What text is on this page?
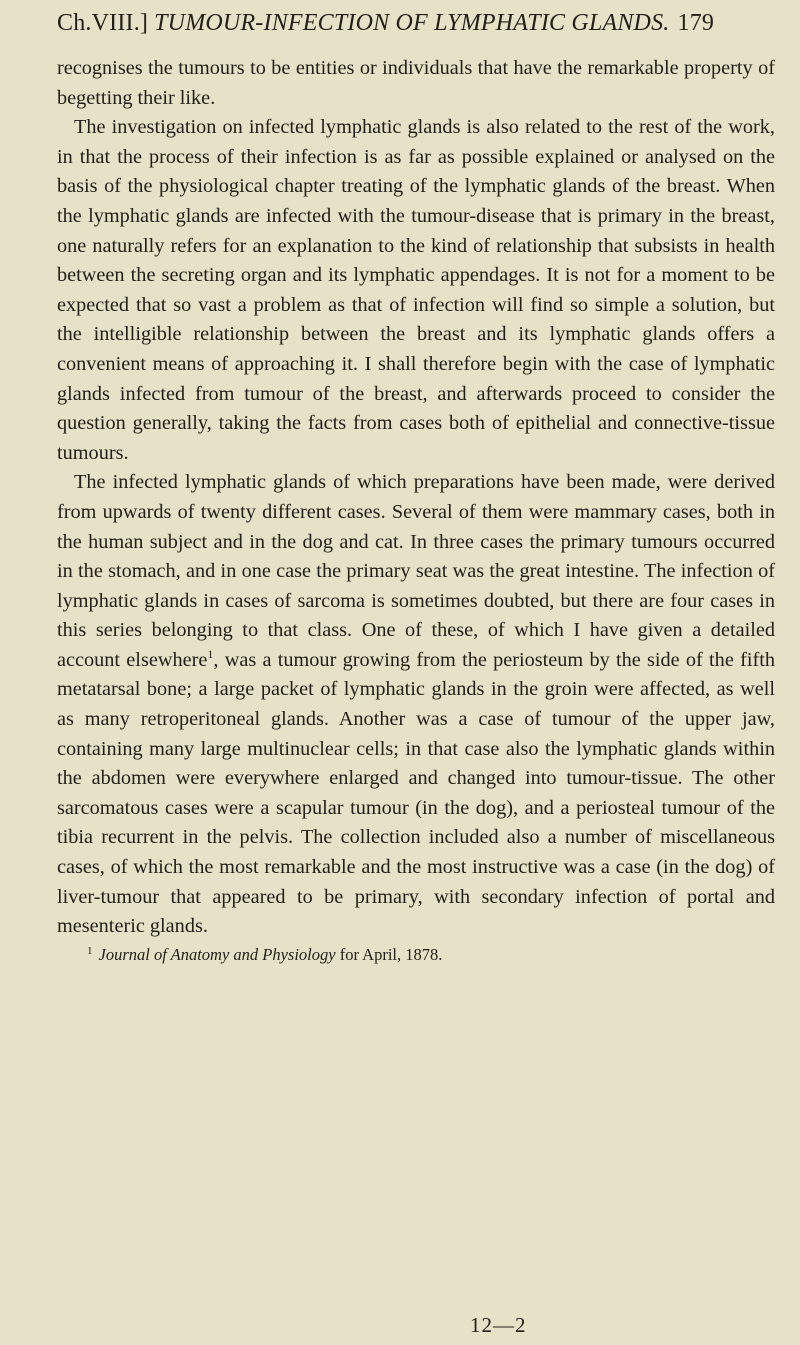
Ch.VIII.] TUMOUR-INFECTION OF LYMPHATIC GLANDS. 179

recognises the tumours to be entities or individuals that have the remarkable property of begetting their like.

The investigation on infected lymphatic glands is also related to the rest of the work, in that the process of their infection is as far as possible explained or analysed on the basis of the physiological chapter treating of the lymphatic glands of the breast. When the lymphatic glands are infected with the tumour-disease that is primary in the breast, one naturally refers for an explanation to the kind of relationship that subsists in health between the secreting organ and its lymphatic appendages. It is not for a moment to be expected that so vast a problem as that of infection will find so simple a solution, but the intelligible relationship between the breast and its lymphatic glands offers a convenient means of approaching it. I shall therefore begin with the case of lymphatic glands infected from tumour of the breast, and afterwards proceed to consider the question generally, taking the facts from cases both of epithelial and connective-tissue tumours.

The infected lymphatic glands of which preparations have been made, were derived from upwards of twenty different cases. Several of them were mammary cases, both in the human subject and in the dog and cat. In three cases the primary tumours occurred in the stomach, and in one case the primary seat was the great intestine. The infection of lymphatic glands in cases of sarcoma is sometimes doubted, but there are four cases in this series belonging to that class. One of these, of which I have given a detailed account elsewhere$^1$, was a tumour growing from the periosteum by the side of the fifth metatarsal bone; a large packet of lymphatic glands in the groin were affected, as well as many retroperitoneal glands. Another was a case of tumour of the upper jaw, containing many large multinuclear cells; in that case also the lymphatic glands within the abdomen were everywhere enlarged and changed into tumour-tissue. The other sarcomatous cases were a scapular tumour (in the dog), and a periosteal tumour of the tibia recurrent in the pelvis. The collection included also a number of miscellaneous cases, of which the most remarkable and the most instructive was a case (in the dog) of liver-tumour that appeared to be primary, with secondary infection of portal and mesenteric glands.

$^1$ Journal of Anatomy and Physiology for April, 1878.
12—2
